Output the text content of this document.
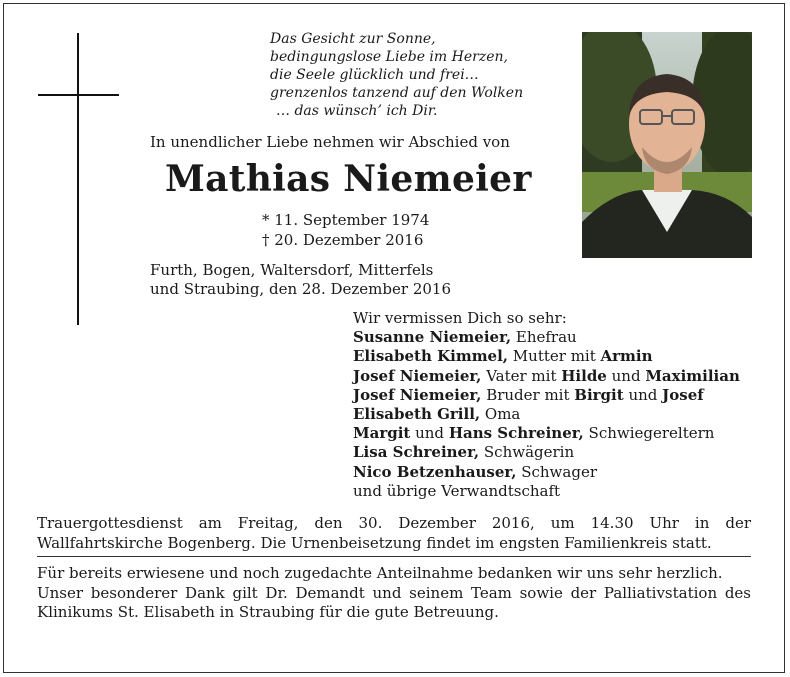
Das Gesicht zur Sonne,
bedingungslose Liebe im Herzen,
die Seele glücklich und frei…
grenzenlos tanzend auf den Wolken
… das wünsch’ ich Dir.
In unendlicher Liebe nehmen wir Abschied von
Mathias Niemeier
* 11. September 1974
† 20. Dezember 2016
Furth, Bogen, Waltersdorf, Mitterfels
und Straubing, den 28. Dezember 2016
Wir vermissen Dich so sehr:
Susanne Niemeier, Ehefrau
Elisabeth Kimmel, Mutter mit Armin
Josef Niemeier, Vater mit Hilde und Maximilian
Josef Niemeier, Bruder mit Birgit und Josef
Elisabeth Grill, Oma
Margit und Hans Schreiner, Schwiegereltern
Lisa Schreiner, Schwägerin
Nico Betzenhauser, Schwager
und übrige Verwandtschaft
Trauergottesdienst am Freitag, den 30. Dezember 2016, um 14.30 Uhr in der Wallfahrtskirche Bogenberg. Die Urnenbeisetzung findet im engsten Familienkreis statt.

Für bereits erwiesene und noch zugedachte Anteilnahme bedanken wir uns sehr herzlich.

Unser besonderer Dank gilt Dr. Demandt und seinem Team sowie der Palliativstation des Klinikums St. Elisabeth in Straubing für die gute Betreuung.
